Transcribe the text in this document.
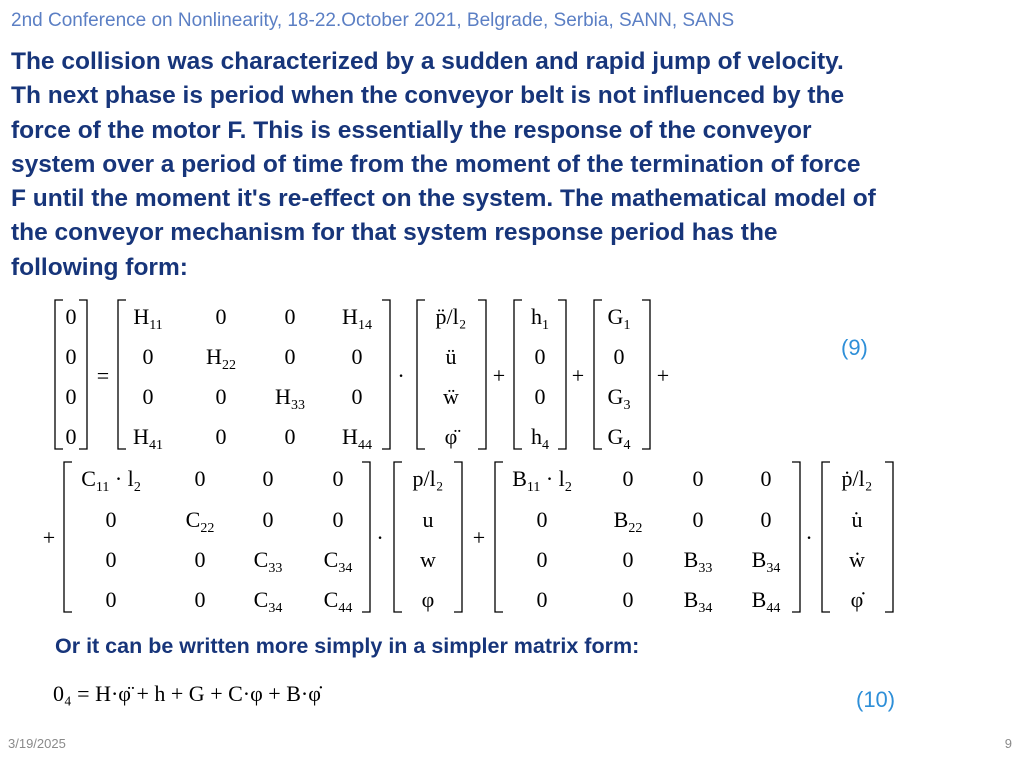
2nd Conference on Nonlinearity, 18-22.October 2021, Belgrade, Serbia, SANN, SANS
The collision was characterized by a sudden and rapid jump of velocity.
Th next phase is period when the conveyor belt is not influenced by the
force of the motor F. This is essentially the response of the conveyor
system over a period of time from the moment of the termination of force
F until the moment it's re-effect on the system. The mathematical model of
the conveyor mechanism for that system response period has the
following form:
0
0
0
0
=
$H_{11}$ 0	0 $H_{14}$
0 $H_{22}$ 0	0
0	0 $H_{33}$ 0
$H_{41}$ 0	0 $H_{44}$
·
p̈/l₂
ü
ẅ
φ̈
+
$h_1$
0
0
$h_4$
+
$G_1$
0
$G_3$
$G_4$
+
+
$C_{11} \cdot l_2$ 0	0	0
0	$C_{22}$ 0	0
0	0 $C_{33}$ $C_{34}$
0	0 $C_{34}$ $C_{44}$
·
p/l₂
u
w
φ
+
$B_{11} \cdot l_2$ 0	0	0
0	$B_{22}$ 0	0
0	0 $B_{33}$ $B_{34}$
0	0 $B_{34}$ $B_{44}$
·
ṗ/l₂
u̇
ẇ
φ̇
0₄ = H·φ̈ + h + G + C·φ + B·φ̇
(9)
Or it can be written more simply in a simpler matrix form:
(10)
3/19/2025	9
